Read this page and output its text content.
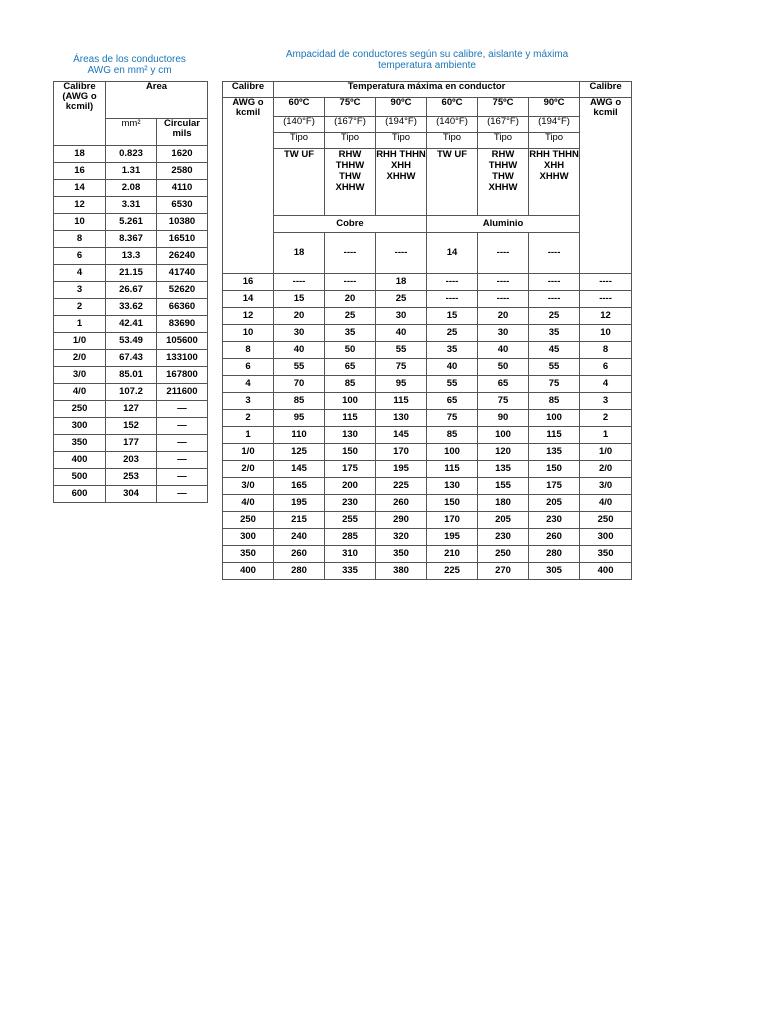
Áreas de los conductores
AWG en mm² y cm
Ampacidad de conductores según su calibre, aislante y máxima
temperatura ambiente
Calibre (AWG o kcmil)	Area	
	mm²	Circular mils
18	0.823	1620
16	1.31	2580
14	2.08	4110
12	3.31	6530
10	5.261	10380
8	8.367	16510
6	13.3	26240
4	21.15	41740
3	26.67	52620
2	33.62	66360
1	42.41	83690
1/0	53.49	105600
2/0	67.43	133100
3/0	85.01	167800
4/0	107.2	211600
250	127	—
300	152	—
350	177	—
400	203	—
500	253	—
600	304	—
Calibre	Temperatura máxima en conductor						Calibre	
AWG o kcmil	60ºC	75ºC	90ºC	60ºC	75ºC	90ºC	AWG o kcmil	
	(140°F)	(167°F)	(194°F)	(140°F)	(167°F)	(194°F)		
	Tipo	Tipo	Tipo	Tipo	Tipo	Tipo		
	TW UF	RHW THHW THW XHHW	RHH THHN XHH XHHW	TW UF	RHW THHW THW XHHW	RHH THHN XHH XHHW		
	Cobre			Aluminio				
	18	----	----	14	----	----		
16	----	----	18	----	----	----	----	
14	15	20	25	----	----	----	----	
12	20	25	30	15	20	25	12	
10	30	35	40	25	30	35	10	
8	40	50	55	35	40	45	8	
6	55	65	75	40	50	55	6	
4	70	85	95	55	65	75	4	
3	85	100	115	65	75	85	3	
2	95	115	130	75	90	100	2	
1	110	130	145	85	100	115	1	
1/0	125	150	170	100	120	135	1/0	
2/0	145	175	195	115	135	150	2/0	
3/0	165	200	225	130	155	175	3/0	
4/0	195	230	260	150	180	205	4/0	
250	215	255	290	170	205	230	250	
300	240	285	320	195	230	260	300	
350	260	310	350	210	250	280	350	
400	280	335	380	225	270	305	400	
